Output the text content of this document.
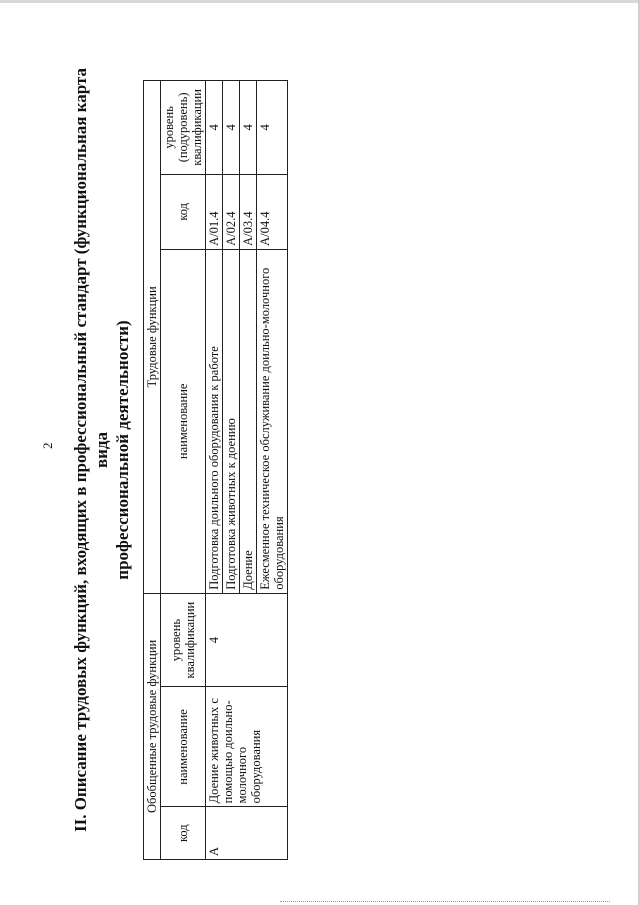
2 II. Описание трудовых функций, входящих в профессиональный стандарт (функциональная карта вида профессиональной деятельности)
Обобщенные трудовые функции			Трудовые функции		
код	наименование	уровень квалификации	наименование	код	уровень (подуровень) квалификации
А	Доение животных с помощью доильно-молочного оборудования	4	Подготовка доильного оборудования к работе	А/01.4	4
			Подготовка животных к доению	А/02.4	4
			Доение	А/03.4	4
			Ежесменное техническое обслуживание доильно-молочного оборудования	А/04.4	4
